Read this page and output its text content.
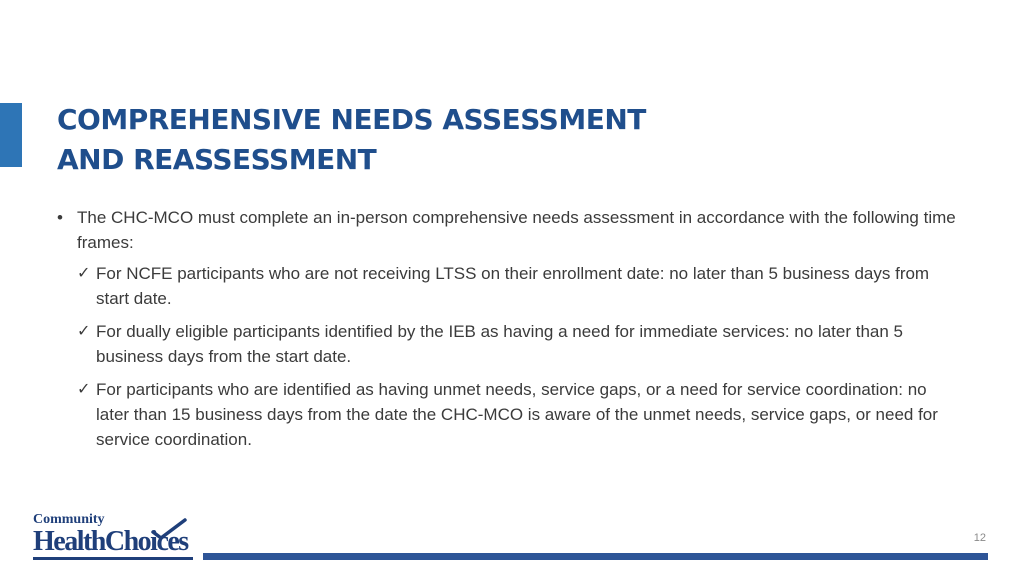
COMPREHENSIVE NEEDS ASSESSMENT
AND REASSESSMENT
• The CHC-MCO must complete an in-person comprehensive needs assessment in accordance with the following time frames:
✓ For NCFE participants who are not receiving LTSS on their enrollment date: no later than 5 business days from start date.
✓ For dually eligible participants identified by the IEB as having a need for immediate services: no later than 5 business days from the start date.
✓ For participants who are identified as having unmet needs, service gaps, or a need for service coordination: no later than 15 business days from the date the CHC-MCO is aware of the unmet needs, service gaps, or need for service coordination.
Community
HealthChoices	12
